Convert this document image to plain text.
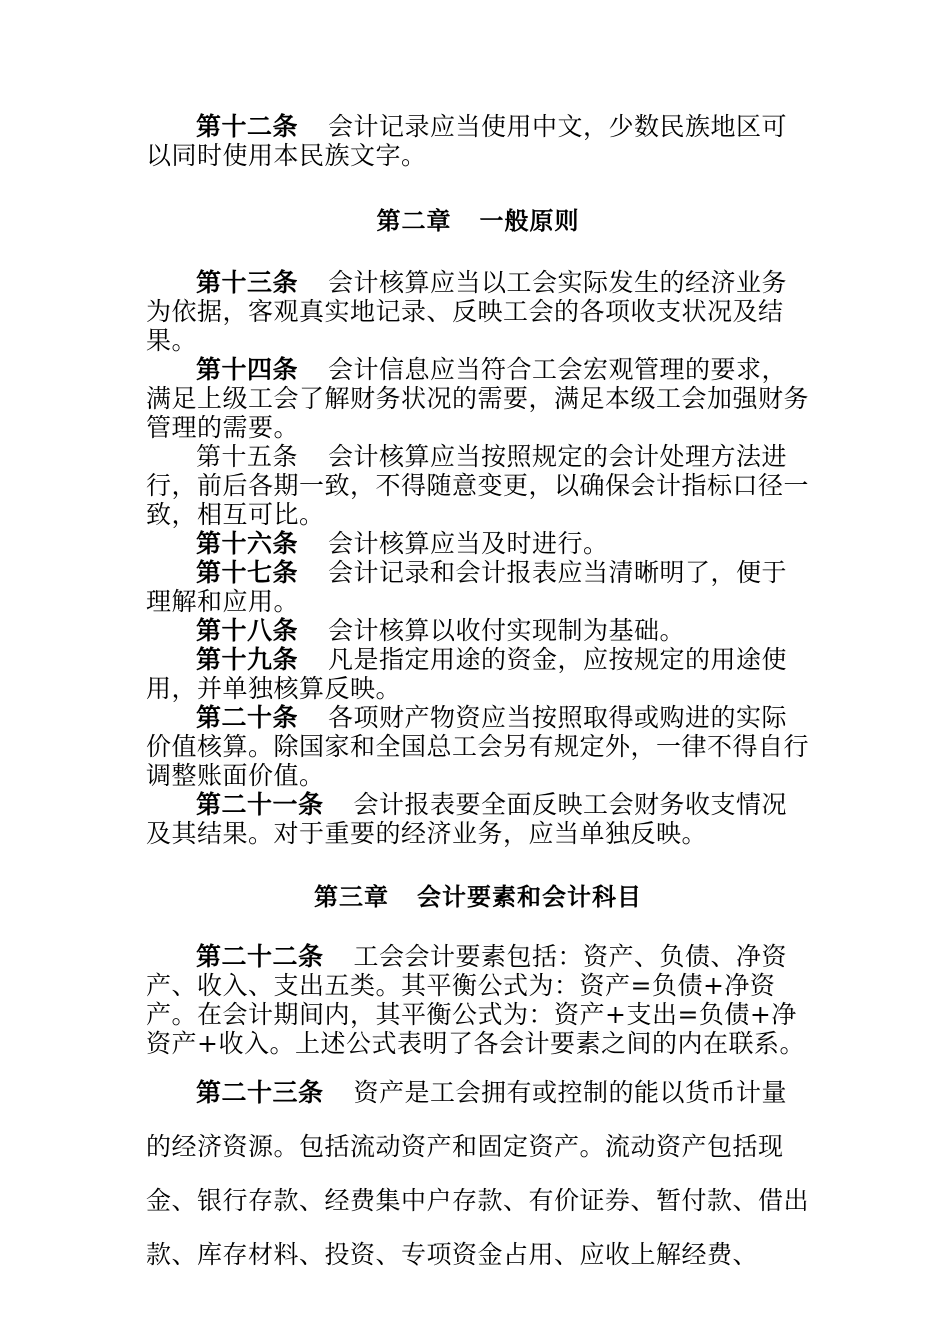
第十二条 会计记录应当使用中文，少数民族地区可以同时使用本民族文字。

第二章 一般原则

第十三条 会计核算应当以工会实际发生的经济业务为依据，客观真实地记录、反映工会的各项收支状况及结果。

第十四条 会计信息应当符合工会宏观管理的要求，满足上级工会了解财务状况的需要，满足本级工会加强财务管理的需要。

第十五条 会计核算应当按照规定的会计处理方法进行，前后各期一致，不得随意变更，以确保会计指标口径一致，相互可比。

第十六条 会计核算应当及时进行。

第十七条 会计记录和会计报表应当清晰明了，便于理解和应用。

第十八条 会计核算以收付实现制为基础。

第十九条 凡是指定用途的资金，应按规定的用途使用，并单独核算反映。

第二十条 各项财产物资应当按照取得或购进的实际价值核算。除国家和全国总工会另有规定外，一律不得自行调整账面价值。

第二十一条 会计报表要全面反映工会财务收支情况及其结果。对于重要的经济业务，应当单独反映。

第三章 会计要素和会计科目

第二十二条 工会会计要素包括：资产、负债、净资产、收入、支出五类。其平衡公式为：资产=负债+净资产。在会计期间内，其平衡公式为：资产+支出=负债+净资产+收入。上述公式表明了各会计要素之间的内在联系。

第二十三条 资产是工会拥有或控制的能以货币计量的经济资源。包括流动资产和固定资产。流动资产包括现金、银行存款、经费集中户存款、有价证券、暂付款、借出款、库存材料、投资、专项资金占用、应收上解经费、
